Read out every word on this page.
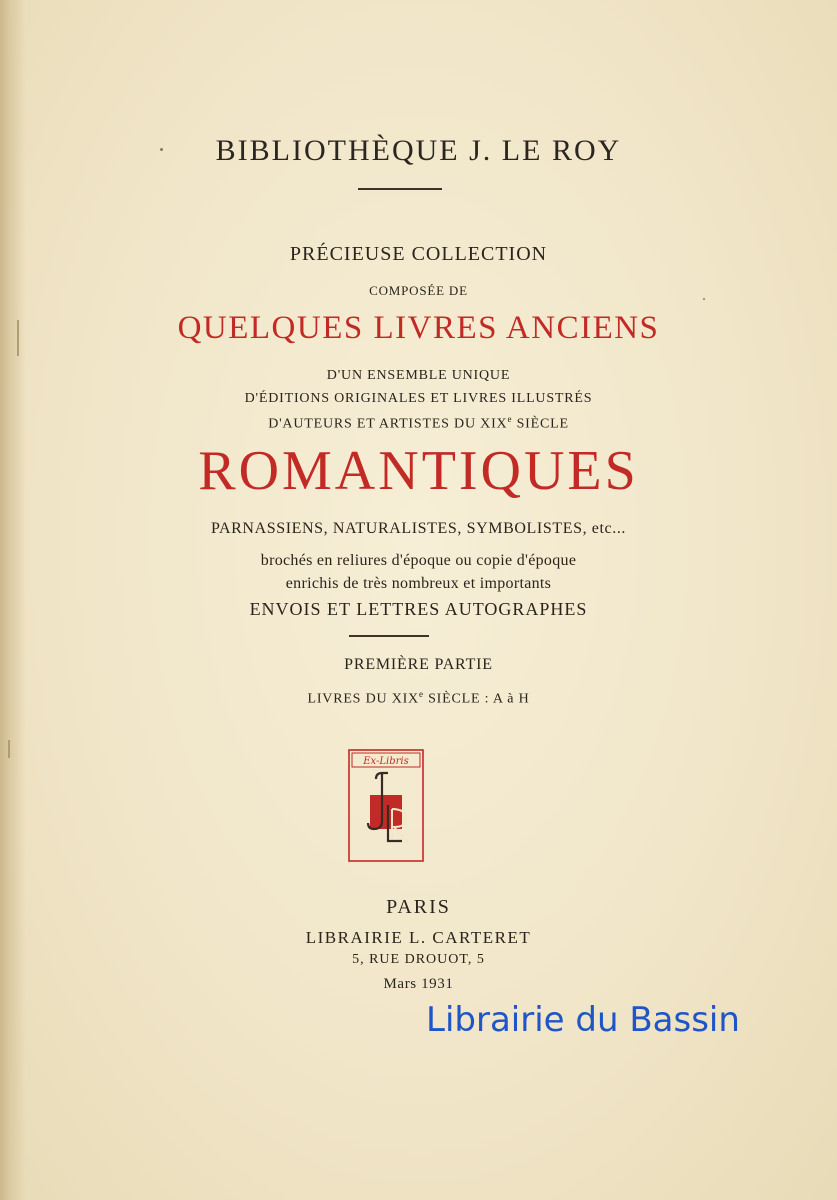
BIBLIOTHÈQUE J. LE ROY
PRÉCIEUSE COLLECTION
COMPOSÉE DE
QUELQUES LIVRES ANCIENS
D'UN ENSEMBLE UNIQUE
D'ÉDITIONS ORIGINALES ET LIVRES ILLUSTRÉS
D'AUTEURS ET ARTISTES DU XIXe SIÈCLE
ROMANTIQUES
PARNASSIENS, NATURALISTES, SYMBOLISTES, etc...
brochés en reliures d'époque ou copie d'époque
enrichis de très nombreux et importants
ENVOIS ET LETTRES AUTOGRAPHES
PREMIÈRE PARTIE
LIVRES DU XIXe SIÈCLE : A à H
Ex-Libris
JLR
PARIS
LIBRAIRIE L. CARTERET
5, RUE DROUOT, 5
Mars 1931
Librairie du Bassin
